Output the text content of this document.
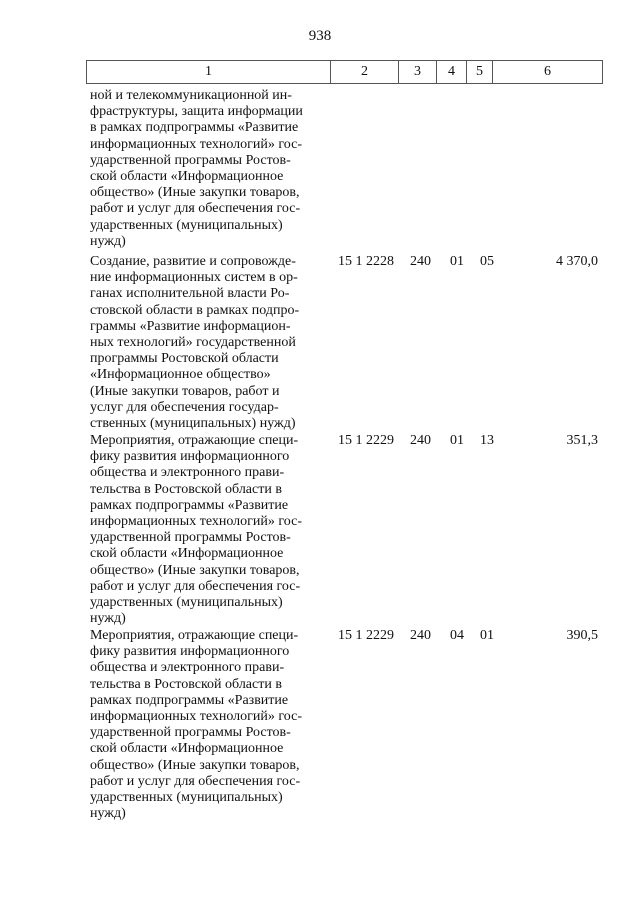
938
1	2	3	4	5	6
ной и телекоммуникационной ин-
фраструктуры, защита информации
в рамках подпрограммы «Развитие
информационных технологий» гос-
ударственной программы Ростов-
ской области «Информационное
общество» (Иные закупки товаров,
работ и услуг для обеспечения гос-
ударственных (муниципальных)
нужд)
Создание, развитие и сопровожде-
ние информационных систем в ор-
ганах исполнительной власти Ро-
стовской области в рамках подпро-
граммы «Развитие информацион-
ных технологий» государственной
программы Ростовской области
«Информационное общество»
(Иные закупки товаров, работ и
услуг для обеспечения государ-
ственных (муниципальных) нужд)
15 1 2228	240	01	05	4 370,0
Мероприятия, отражающие специ-
фику развития информационного
общества и электронного прави-
тельства в Ростовской области в
рамках подпрограммы «Развитие
информационных технологий» гос-
ударственной программы Ростов-
ской области «Информационное
общество» (Иные закупки товаров,
работ и услуг для обеспечения гос-
ударственных (муниципальных)
нужд)
15 1 2229	240	01	13	351,3
Мероприятия, отражающие специ-
фику развития информационного
общества и электронного прави-
тельства в Ростовской области в
рамках подпрограммы «Развитие
информационных технологий» гос-
ударственной программы Ростов-
ской области «Информационное
общество» (Иные закупки товаров,
работ и услуг для обеспечения гос-
ударственных (муниципальных)
нужд)
15 1 2229	240	04	01	390,5
